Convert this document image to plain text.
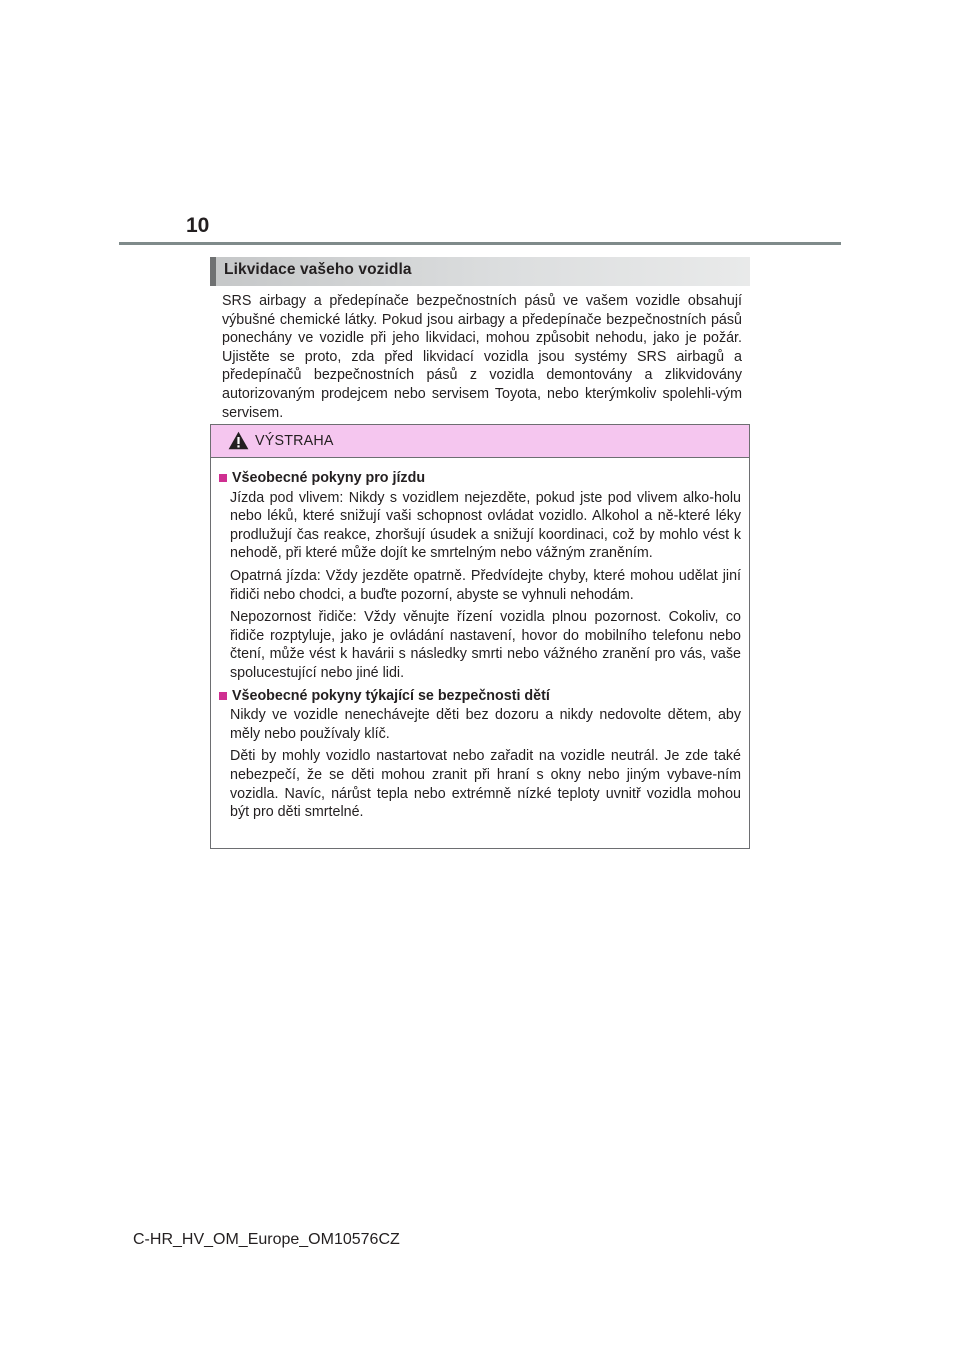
10
Likvidace vašeho vozidla

SRS airbagy a předepínače bezpečnostních pásů ve vašem vozidle obsahují výbušné chemické látky. Pokud jsou airbagy a předepínače bezpečnostních pásů ponechány ve vozidle při jeho likvidaci, mohou způsobit nehodu, jako je požár. Ujistěte se proto, zda před likvidací vozidla jsou systémy SRS airbagů a předepínačů bezpečnostních pásů z vozidla demontovány a zlikvidovány autorizovaným prodejcem nebo servisem Toyota, nebo kterýmkoliv spolehli-vým servisem.

VÝSTRAHA
Všeobecné pokyny pro jízdu

Jízda pod vlivem: Nikdy s vozidlem nejezděte, pokud jste pod vlivem alko-holu nebo léků, které snižují vaši schopnost ovládat vozidlo. Alkohol a ně-které léky prodlužují čas reakce, zhoršují úsudek a snižují koordinaci, což by mohlo vést k nehodě, při které může dojít ke smrtelným nebo vážným zraněním.

Opatrná jízda: Vždy jezděte opatrně. Předvídejte chyby, které mohou udělat jiní řidiči nebo chodci, a buďte pozorní, abyste se vyhnuli nehodám.

Nepozornost řidiče: Vždy věnujte řízení vozidla plnou pozornost. Cokoliv, co řidiče rozptyluje, jako je ovládání nastavení, hovor do mobilního telefonu nebo čtení, může vést k havárii s následky smrti nebo vážného zranění pro vás, vaše spolucestující nebo jiné lidi.

Všeobecné pokyny týkající se bezpečnosti dětí

Nikdy ve vozidle nenechávejte děti bez dozoru a nikdy nedovolte dětem, aby měly nebo používaly klíč.

Děti by mohly vozidlo nastartovat nebo zařadit na vozidle neutrál. Je zde také nebezpečí, že se děti mohou zranit při hraní s okny nebo jiným vybave-ním vozidla. Navíc, nárůst tepla nebo extrémně nízké teploty uvnitř vozidla mohou být pro děti smrtelné.

C-HR_HV_OM_Europe_OM10576CZ
